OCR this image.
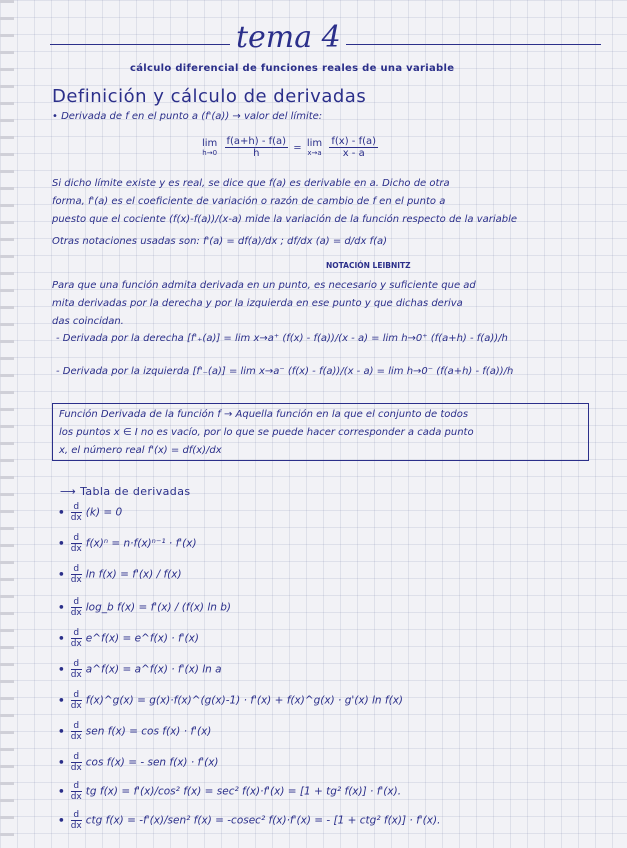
tema 4
cálculo diferencial de funciones reales de una variable
Definición y cálculo de derivadas
• Derivada de f en el punto a (f'(a)) → valor del límite:
lim
h→0
$\frac{f(a+h) - f(a)}{h} = \lim$
x→a
$\frac{f(x) - f(a)}{x - a}$
Si dicho límite existe y es real, se dice que f(a) es derivable en a. Dicho de otra
forma, f'(a) es el coeficiente de variación o razón de cambio de f en el punto a
puesto que el cociente (f(x)-f(a))/(x-a) mide la variación de la función respecto de la variable
Otras notaciones usadas son: f'(a) = df(a)/dx ; df/dx (a) = d/dx f(a)
NOTACIÓN LEIBNITZ
Para que una función admita derivada en un punto, es necesario y suficiente que ad
mita derivadas por la derecha y por la izquierda en ese punto y que dichas deriva
das coincidan.
- Derivada por la derecha [f'₊(a)] = lim x→a⁺ (f(x) - f(a))/(x - a) = lim h→0⁺ (f(a+h) - f(a))/h
- Derivada por la izquierda [f'₋(a)] = lim x→a⁻ (f(x) - f(a))/(x - a) = lim h→0⁻ (f(a+h) - f(a))/h
Función Derivada de la función f → Aquella función en la que el conjunto de todos
los puntos x ∈ I no es vacío, por lo que se puede hacer corresponder a cada punto
x, el número real f'(x) = df(x)/dx
⟶ Tabla de derivadas
• $\frac{d}{dx} (k) = 0$
• $\frac{d}{dx} f(x)^n = n\cdot f(x)^{n-1} \cdot f'(x)$
• $\frac{d}{dx}$ ln f(x) = f'(x) / f(x)
• $\frac{d}{dx}$ log_b f(x) = f'(x) / (f(x) ln b)
• $\frac{d}{dx}$ e^f(x) = e^f(x) · f'(x)
• $\frac{d}{dx}$ a^f(x) = a^f(x) · f'(x) ln a
• $\frac{d}{dx}$ f(x)^g(x) = g(x)·f(x)^(g(x)-1) · f'(x) + f(x)^g(x) · g'(x) ln f(x)
• $\frac{d}{dx}$ sen f(x) = cos f(x) · f'(x)
• $\frac{d}{dx}$ cos f(x) = - sen f(x) · f'(x)
• $\frac{d}{dx}$ tg f(x) = f'(x)/cos² f(x) = sec² f(x)·f'(x) = [1 + tg² f(x)] · f'(x).
• $\frac{d}{dx}$ ctg f(x) = -f'(x)/sen² f(x) = -cosec² f(x)·f'(x) = - [1 + ctg² f(x)] · f'(x).
